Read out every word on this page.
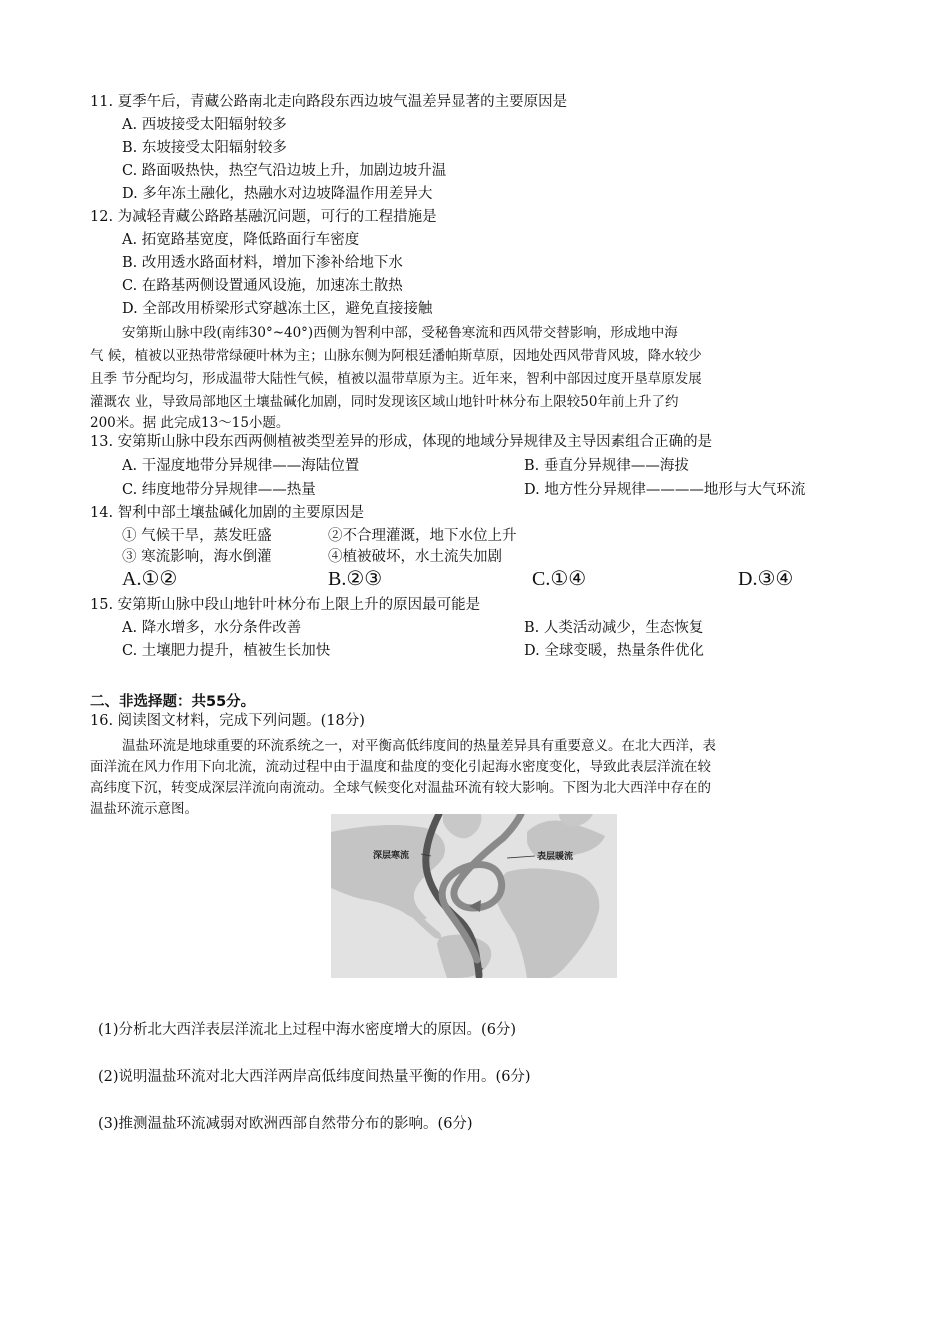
11. 夏季午后，青藏公路南北走向路段东西边坡气温差异显著的主要原因是
A. 西坡接受太阳辐射较多
B. 东坡接受太阳辐射较多
C. 路面吸热快，热空气沿边坡上升，加剧边坡升温
D. 多年冻土融化，热融水对边坡降温作用差异大
12. 为减轻青藏公路路基融沉问题，可行的工程措施是
A. 拓宽路基宽度，降低路面行车密度
B. 改用透水路面材料，增加下渗补给地下水
C. 在路基两侧设置通风设施，加速冻土散热
D. 全部改用桥梁形式穿越冻土区，避免直接接触
安第斯山脉中段(南纬30°~40°)西侧为智利中部，受秘鲁寒流和西风带交替影响，形成地中海
气 候，植被以亚热带常绿硬叶林为主；山脉东侧为阿根廷潘帕斯草原，因地处西风带背风坡，降水较少
且季 节分配均匀，形成温带大陆性气候，植被以温带草原为主。近年来，智利中部因过度开垦草原发展
灌溉农 业，导致局部地区土壤盐碱化加剧，同时发现该区域山地针叶林分布上限较50年前上升了约
200米。据 此完成13～15小题。
13. 安第斯山脉中段东西两侧植被类型差异的形成，体现的地域分异规律及主导因素组合正确的是
A. 干湿度地带分异规律——海陆位置	B. 垂直分异规律——海拔
C. 纬度地带分异规律——热量	D. 地方性分异规律————地形与大气环流
14. 智利中部土壤盐碱化加剧的主要原因是
① 气候干旱，蒸发旺盛	②不合理灌溉，地下水位上升
③ 寒流影响，海水倒灌	④植被破坏，水土流失加剧
A.①②	B.②③	C.①④	D.③④
15. 安第斯山脉中段山地针叶林分布上限上升的原因最可能是
A. 降水增多，水分条件改善	B. 人类活动减少，生态恢复
C. 土壤肥力提升，植被生长加快	D. 全球变暖，热量条件优化
二、非选择题：共55分。
16. 阅读图文材料，完成下列问题。(18分)
温盐环流是地球重要的环流系统之一，对平衡高低纬度间的热量差异具有重要意义。在北大西洋，表
面洋流在风力作用下向北流，流动过程中由于温度和盐度的变化引起海水密度变化，导致此表层洋流在较
高纬度下沉，转变成深层洋流向南流动。全球气候变化对温盐环流有较大影响。下图为北大西洋中存在的
温盐环流示意图。
深层寒流	表层暖流
(1)分析北大西洋表层洋流北上过程中海水密度增大的原因。(6分)
(2)说明温盐环流对北大西洋两岸高低纬度间热量平衡的作用。(6分)
(3)推测温盐环流减弱对欧洲西部自然带分布的影响。(6分)
